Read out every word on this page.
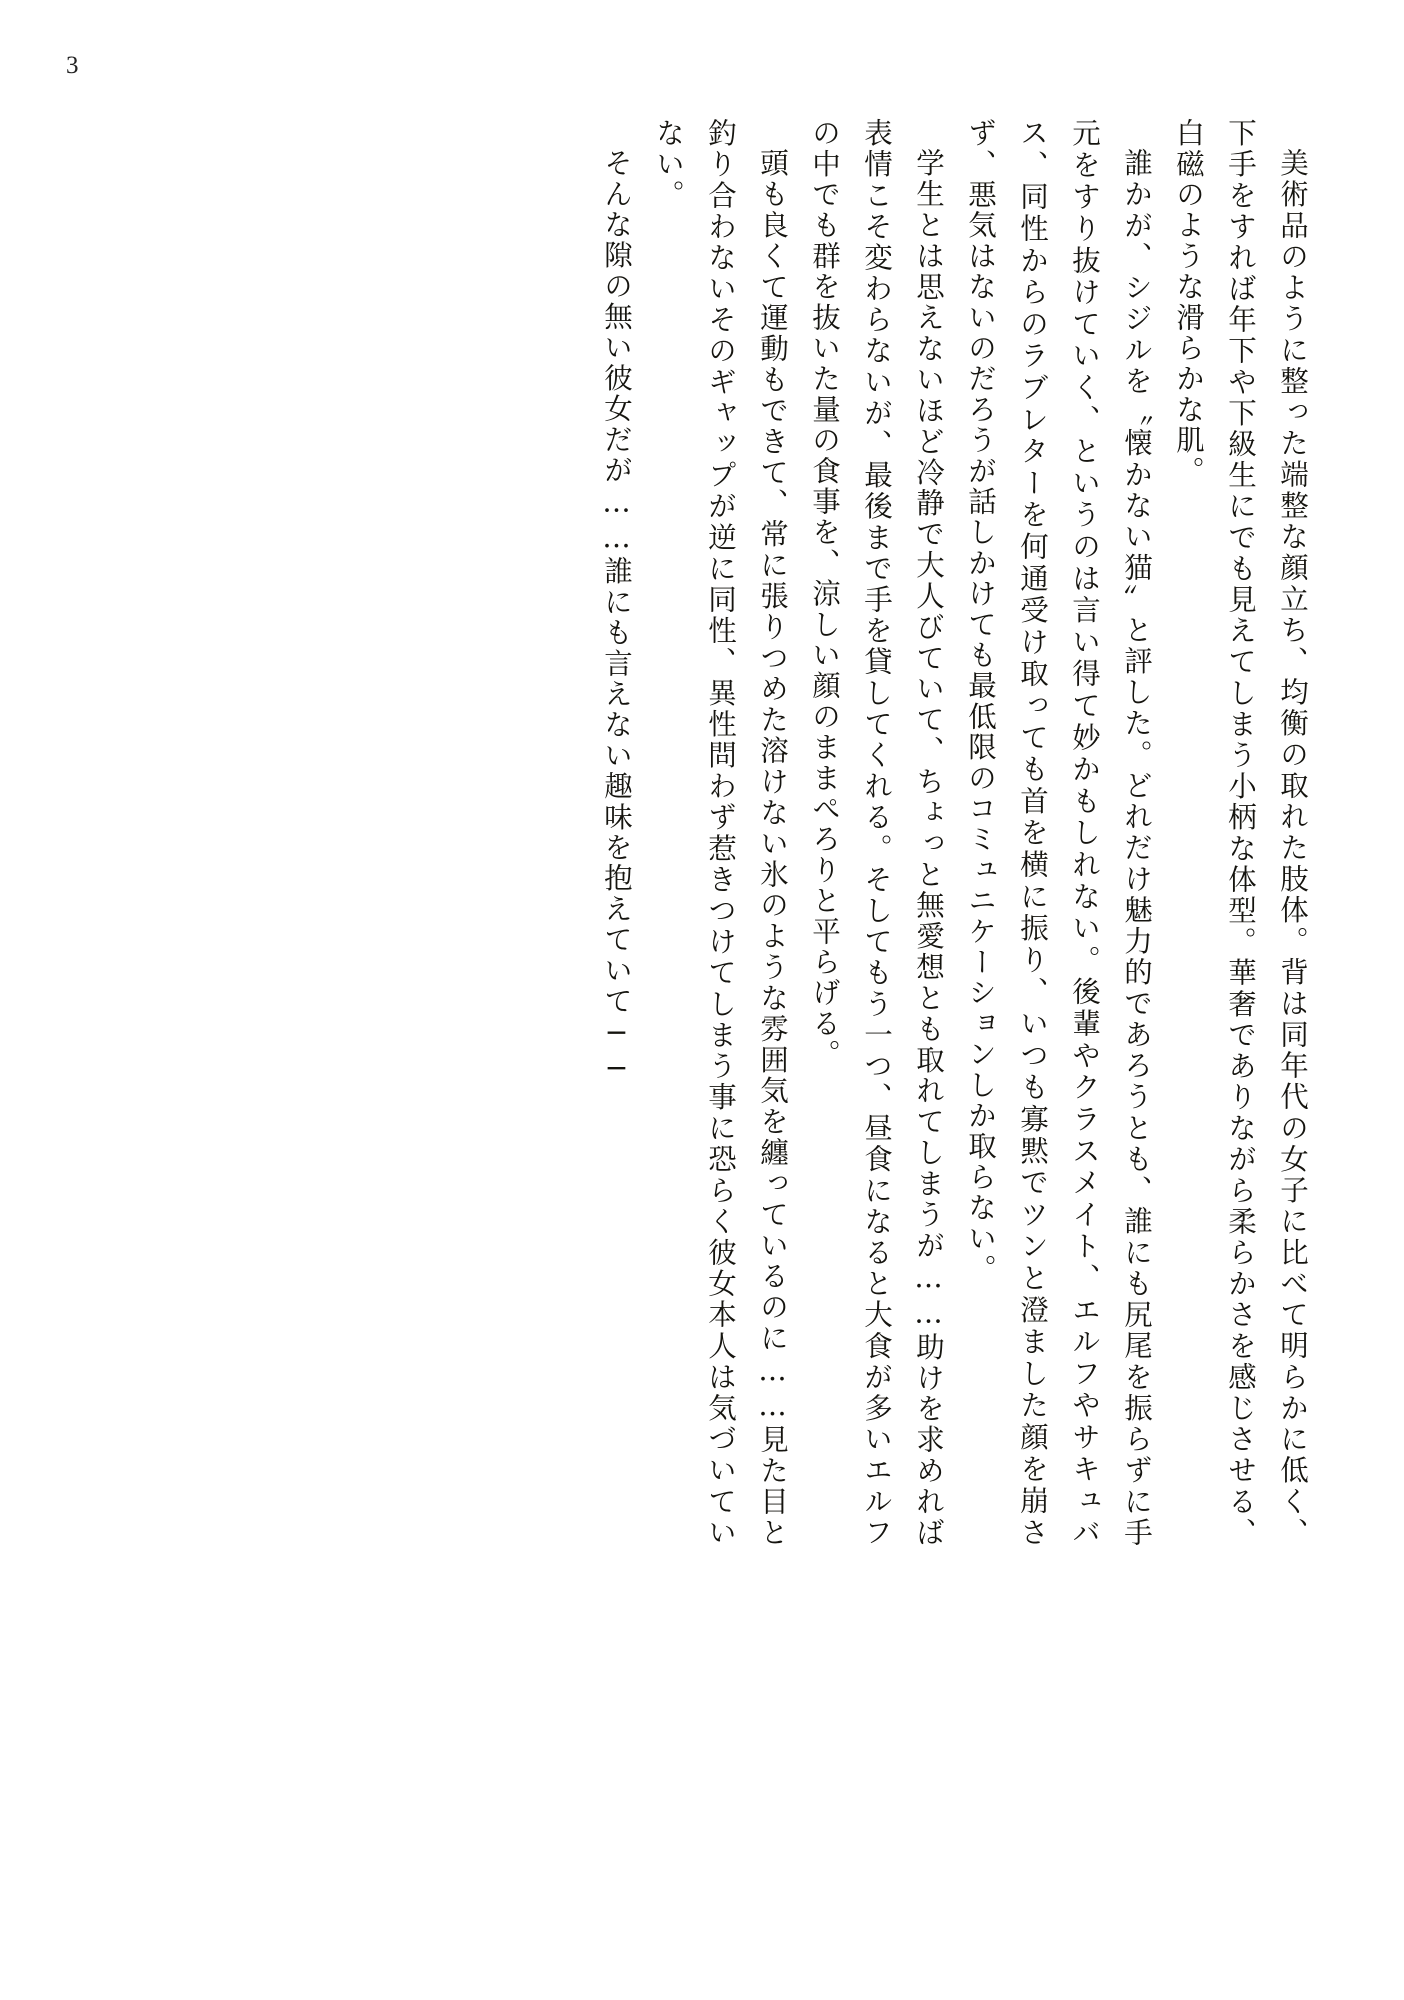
3

美術品のように整った端整な顔立ち、均衡の取れた肢体。背は同年代の女子に比べて明らかに低く、下手をすれば年下や下級生にでも見えてしまう小柄な体型。華奢でありながら柔らかさを感じさせる、白磁のような滑らかな肌。

誰かが、シジルを〝懐かない猫〟と評した。どれだけ魅力的であろうとも、誰にも尻尾を振らずに手元をすり抜けていく、というのは言い得て妙かもしれない。後輩やクラスメイト、エルフやサキュバス、同性からのラブレターを何通受け取っても首を横に振り、いつも寡黙でツンと澄ました顔を崩さず、悪気はないのだろうが話しかけても最低限のコミュニケーションしか取らない。

学生とは思えないほど冷静で大人びていて、ちょっと無愛想とも取れてしまうが……助けを求めれば表情こそ変わらないが、最後まで手を貸してくれる。そしてもう一つ、昼食になると大食が多いエルフの中でも群を抜いた量の食事を、涼しい顔のままぺろりと平らげる。

頭も良くて運動もできて、常に張りつめた溶けない氷のような雰囲気を纏っているのに……見た目と釣り合わないそのギャップが逆に同性、異性問わず惹きつけてしまう事に恐らく彼女本人は気づいていない。

そんな隙の無い彼女だが……誰にも言えない趣味を抱えていて──
